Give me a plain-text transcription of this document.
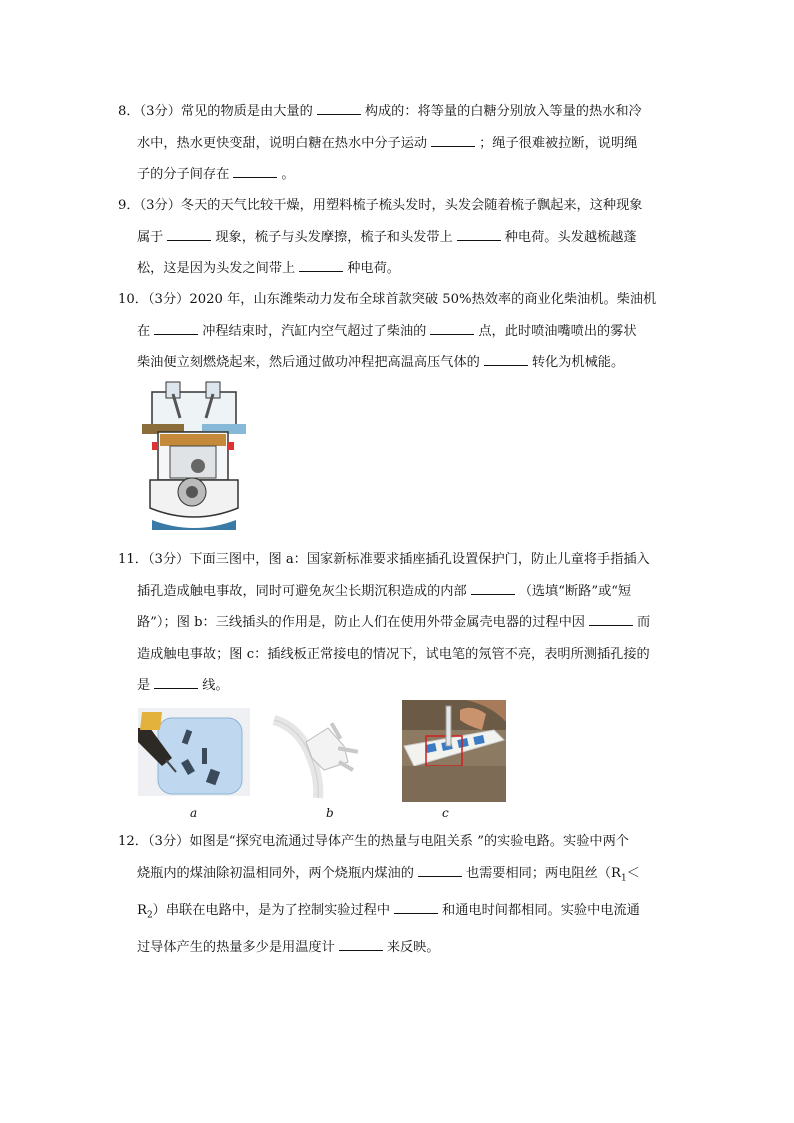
8．（3分）常见的物质是由大量的	构成的：将等量的白糖分别放入等量的热水和冷

水中，热水更快变甜，说明白糖在热水中分子运动	；绳子很难被拉断，说明绳

子的分子间存在	。

9．（3分）冬天的天气比较干燥，用塑料梳子梳头发时，头发会随着梳子飘起来，这种现象

属于	现象，梳子与头发摩擦，梳子和头发带上	种电荷。头发越梳越蓬

松，这是因为头发之间带上	种电荷。

10．（3分）2020 年，山东潍柴动力发布全球首款突破 50%热效率的商业化柴油机。柴油机

在	冲程结束时，汽缸内空气超过了柴油的	点，此时喷油嘴喷出的雾状

柴油便立刻燃烧起来，然后通过做功冲程把高温高压气体的	转化为机械能。

11．（3分）下面三图中，图 a：国家新标准要求插座插孔设置保护门，防止儿童将手指插入

插孔造成触电事故，同时可避免灰尘长期沉积造成的内部	（选填“断路”或“短

路”）；图 b：三线插头的作用是，防止人们在使用外带金属壳电器的过程中因	而

造成触电事故；图 c：插线板正常接电的情况下，试电笔的氖管不亮，表明所测插孔接的

是	线。

a	b	c

12．（3分）如图是“探究电流通过导体产生的热量与电阻关系 ”的实验电路。实验中两个

烧瓶内的煤油除初温相同外，两个烧瓶内煤油的	也需要相同；两电阻丝（$R_1<$

$R_2$）串联在电路中，是为了控制实验过程中	和通电时间都相同。实验中电流通

过导体产生的热量多少是用温度计	来反映。
